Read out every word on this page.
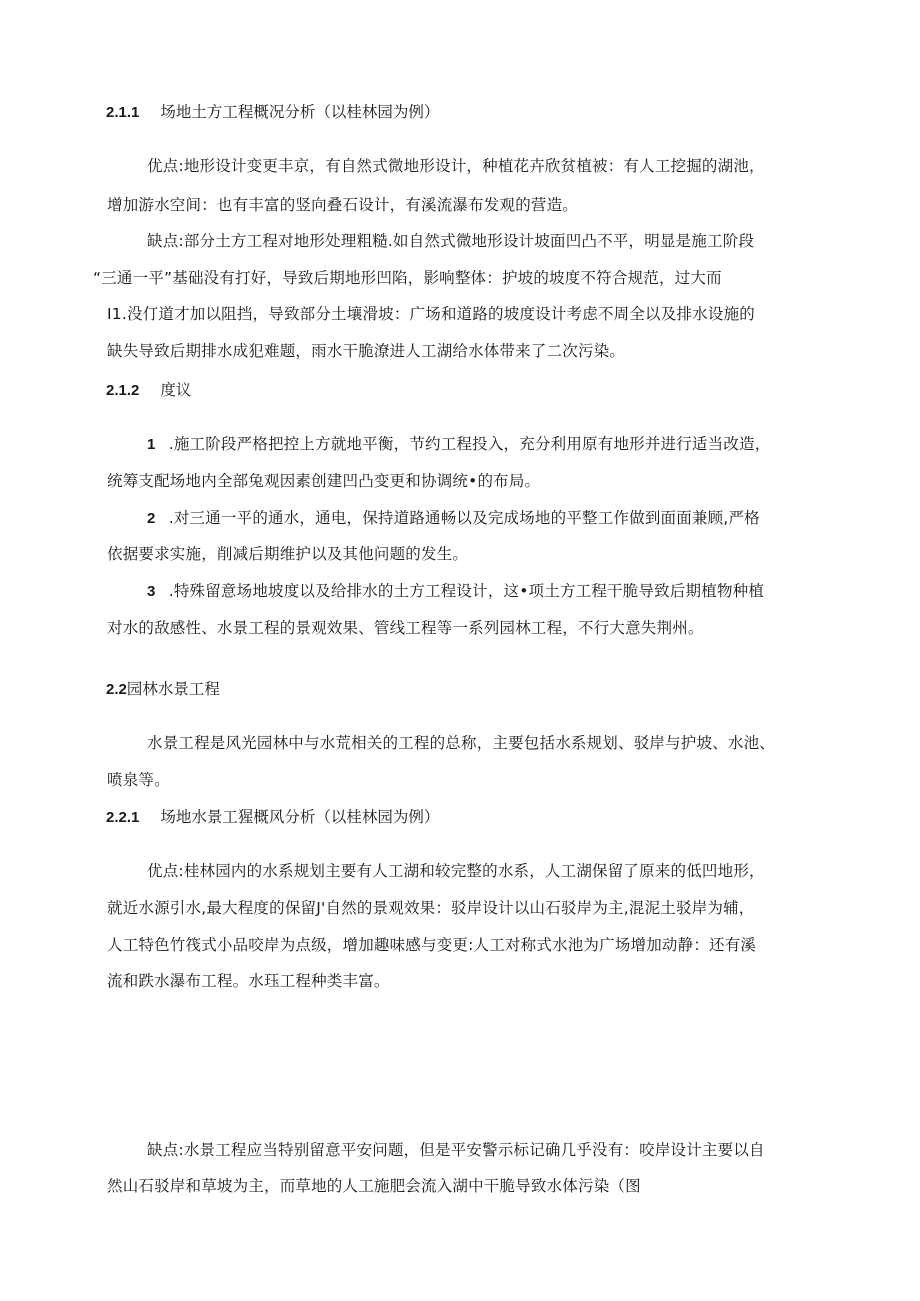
2.1.1 场地土方工程概况分析（以桂林园为例）
优点:地形设计变更丰京，有自然式微地形设计，种植花卉欣贫植被：有人工挖掘的湖池，
增加游水空间：也有丰富的竖向叠石设计，有溪流瀑布发观的营造。
缺点:部分土方工程对地形处理粗糙.如自然式微地形设计坡面凹凸不平，明显是施工阶段
“三通一平”基础没有打好，导致后期地形凹陷，影响整体：护坡的坡度不符合规范，过大而
I1.没仃道才加以阻挡，导致部分土壤滑坡：广场和道路的坡度设计考虑不周全以及排水设施的
缺失导致后期排水成犯难题，雨水干脆潦进人工湖给水体带来了二次污染。
2.1.2 度议
1 .施工阶段严格把控上方就地平衡，节约工程投入，充分利用原有地形并进行适当改造，
统筹支配场地内全部兔观因素创建凹凸变更和协调统•的布局。
2 .对三通一平的通水，通电，保持道路通畅以及完成场地的平整工作做到面面兼顾,严格
依据要求实施，削减后期维护以及其他问题的发生。
3 .特殊留意场地坡度以及给排水的土方工程设计，这•项土方工程干脆导致后期植物种植
对水的敌感性、水景工程的景观效果、管线工程等一系列园林工程，不行大意失荆州。
2.2园林水景工程
水景工程是风光园林中与水荒相关的工程的总称，主要包括水系规划、驳岸与护坡、水池、
喷泉等。
2.2.1 场地水景工猩概风分析（以桂林园为例）
优点:桂林园内的水系规划主要有人工湖和较完整的水系，人工湖保留了原来的低凹地形，
就近水源引水,最大程度的保留J'自然的景观效果：驳岸设计以山石驳岸为主,混泥土驳岸为辅，
人工特色竹筏式小品咬岸为点级，增加趣味感与变更:人工对称式水池为广场增加动静：还有溪
流和跌水瀑布工程。水珏工程种类丰富。
缺点:水景工程应当特别留意平安问题，但是平安警示标记确几乎没有：咬岸设计主要以自
然山石驳岸和草坡为主，而草地的人工施肥会流入湖中干脆导致水体污染（图
